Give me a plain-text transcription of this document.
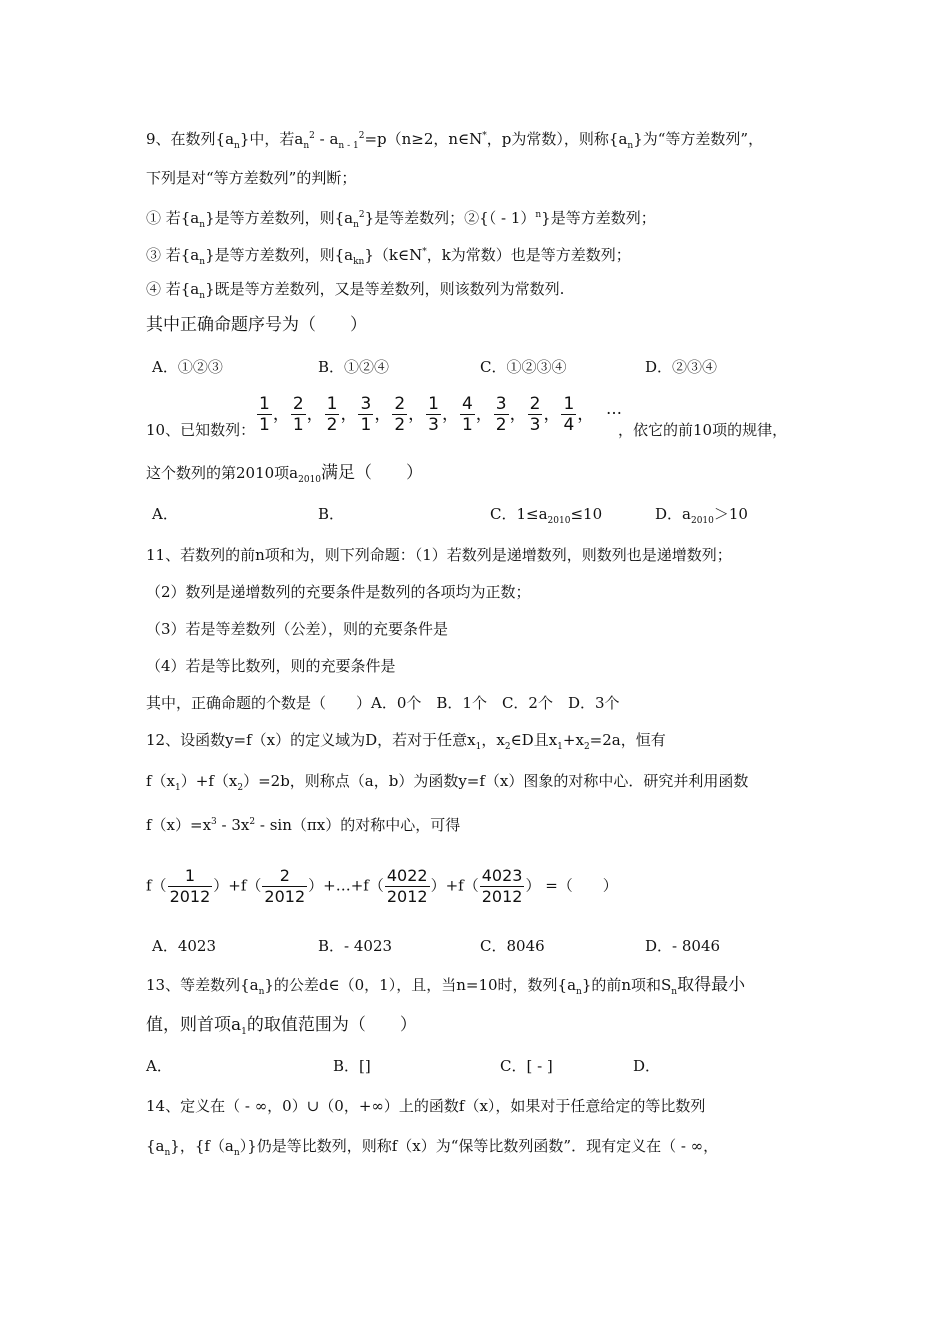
9、在数列$\{a_n\}$中，若$a_n^2 - a_{n - 1}^2=p(n\ge 2$，n∈N*，p为常数），则称$\{a_n\}$为“等方差数列”，
下列是对“等方差数列”的判断；
① 若$\{a_n\}$是等方差数列，则$\{a_n^2\}$是等差数列；②{（ - 1）$^n$}是等方差数列；
③ 若$\{a_n\}$是等方差数列，则$\{a_{kn}\}(k\in N^*$，k为常数）也是等方差数列；
④ 若$\{a_n\}$既是等方差数列，又是等差数列，则该数列为常数列.
其中正确命题序号为（　　）
A．①②③	B．①②④	C．①②③④	D．②③④
10、已知数列： $\frac{1}{1}$ ， $\frac{2}{1}$ ， $\frac{1}{2}$ ， $\frac{3}{1}$ ， $\frac{2}{2}$ ， $\frac{1}{3}$ ， $\frac{4}{1}$ ， $\frac{3}{2}$ ， $\frac{2}{3}$ ， $\frac{1}{4}$ ， …
，依它的前10项的规律，
这个数列的第2010项$a_{2010}$满足（　　）
A．	B．	C．$1\le a_{2010}\le 10$	D．$a_{2010}>10$
11、若数列的前n项和为，则下列命题：（1）若数列是递增数列，则数列也是递增数列；
（2）数列是递增数列的充要条件是数列的各项均为正数；
（3）若是等差数列（公差），则的充要条件是
（4）若是等比数列，则的充要条件是
其中，正确命题的个数是（　　）A．0个　B．1个　C．2个　D．3个
12、设函数y=f（x）的定义域为D，若对于任意$x_1$，$x_2\in D$且$x_1+x_2=2a$，恒有
$f(x_1)+f(x_2)=2b$，则称点（a，b）为函数y=f（x）图象的对称中心．研究并利用函数
$f(x)=x^3 - 3x^2 - \sin(\pi x)$的对称中心，可得
$f( \frac{1}{2012} )+f( \frac{2}{2012}$ ）+…+f（ $\frac{4022}{2012} )+f( \frac{4023}{2012}$ ） =（　　）
A．4023	B．- 4023	C．8046	D．- 8046
13、等差数列$\{a_n\}$的公差d∈（0，1），且，当n=10时，数列$\{a_n\}$的前n项和$S_n$取得最小
值，则首项$a_1$的取值范围为（　　）
A．	B．[]	C．[ - ]	D．
14、定义在（ - ∞，0）∪（0，+∞）上的函数f（x），如果对于任意给定的等比数列
$\{a_n\}$，$\{f(a_n)\}$仍是等比数列，则称f（x）为“保等比数列函数”．现有定义在（ - ∞，
